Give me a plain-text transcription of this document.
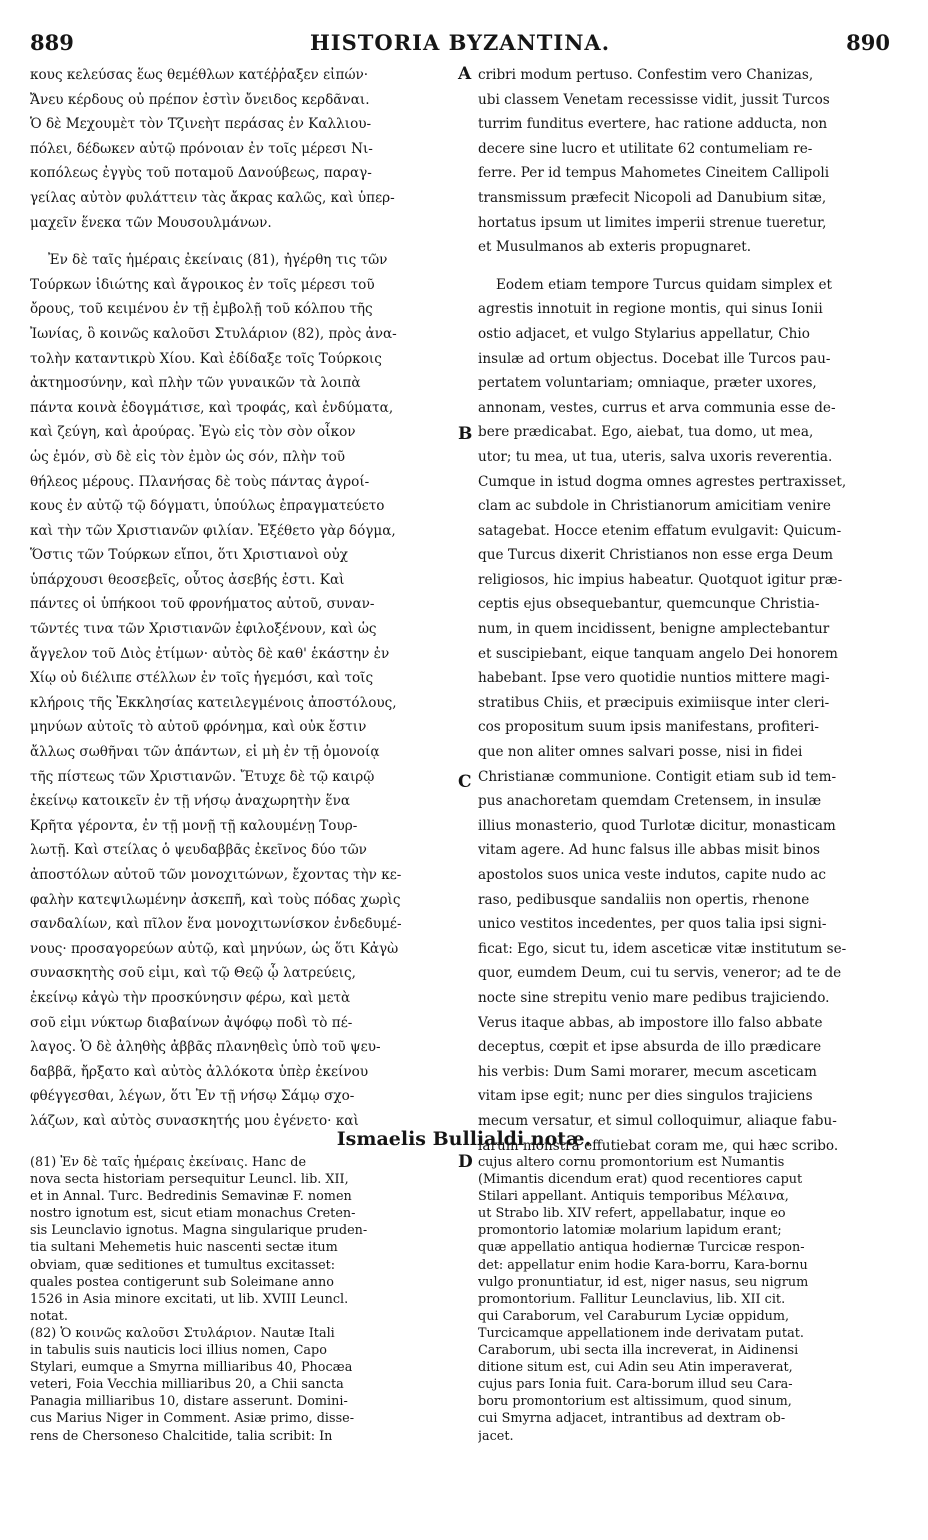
889	HISTORIA BYZANTINA.	890
κους κελεύσας ἕως θεμέθλων κατέῤῥαξεν εἰπών·
Ἄνευ κέρδους οὐ πρέπον ἐστὶν ὄνειδος κερδᾶναι.
Ὁ δὲ Μεχουμὲτ τὸν Τζινεὴτ περάσας ἐν Καλλιου-
πόλει, δέδωκεν αὐτῷ πρόνοιαν ἐν τοῖς μέρεσι Νι-
κοπόλεως ἐγγὺς τοῦ ποταμοῦ Δανούβεως, παραγ-
γείλας αὐτὸν φυλάττειν τὰς ἄκρας καλῶς, καὶ ὑπερ-
μαχεῖν ἕνεκα τῶν Μουσουλμάνων.
Ἐν δὲ ταῖς ἡμέραις ἐκείναις (81), ἠγέρθη τις τῶν
Τούρκων ἰδιώτης καὶ ἄγροικος ἐν τοῖς μέρεσι τοῦ
ὄρους, τοῦ κειμένου ἐν τῇ ἐμβολῇ τοῦ κόλπου τῆς
Ἰωνίας, ὃ κοινῶς καλοῦσι Στυλάριον (82), πρὸς ἀνα-
τολὴν καταντικρὺ Χίου. Καὶ ἐδίδαξε τοῖς Τούρκοις
ἀκτημοσύνην, καὶ πλὴν τῶν γυναικῶν τὰ λοιπὰ
πάντα κοινὰ ἐδογμάτισε, καὶ τροφάς, καὶ ἐνδύματα,
καὶ ζεύγη, καὶ ἀρούρας. Ἐγὼ εἰς τὸν σὸν οἶκον
ὡς ἐμόν, σὺ δὲ εἰς τὸν ἐμὸν ὡς σόν, πλὴν τοῦ
θήλεος μέρους. Πλανήσας δὲ τοὺς πάντας ἀγροί-
κους ἐν αὐτῷ τῷ δόγματι, ὑπούλως ἐπραγματεύετο
καὶ τὴν τῶν Χριστιανῶν φιλίαν. Ἐξέθετο γὰρ δόγμα,
Ὅστις τῶν Τούρκων εἴποι, ὅτι Χριστιανοὶ οὐχ
ὑπάρχουσι θεοσεβεῖς, οὗτος ἀσεβής ἐστι. Καὶ
πάντες οἱ ὑπήκοοι τοῦ φρονήματος αὐτοῦ, συναν-
τῶντές τινα τῶν Χριστιανῶν ἐφιλοξένουν, καὶ ὡς
ἄγγελον τοῦ Διὸς ἐτίμων· αὐτὸς δὲ καθ' ἑκάστην ἐν
Χίῳ οὐ διέλιπε στέλλων ἐν τοῖς ἡγεμόσι, καὶ τοῖς
κλήροις τῆς Ἐκκλησίας κατειλεγμένοις ἀποστόλους,
μηνύων αὐτοῖς τὸ αὐτοῦ φρόνημα, καὶ οὐκ ἔστιν
ἄλλως σωθῆναι τῶν ἁπάντων, εἰ μὴ ἐν τῇ ὁμονοίᾳ
τῆς πίστεως τῶν Χριστιανῶν. Ἔτυχε δὲ τῷ καιρῷ
ἐκείνῳ κατοικεῖν ἐν τῇ νήσῳ ἀναχωρητὴν ἕνα
Κρῆτα γέροντα, ἐν τῇ μονῇ τῇ καλουμένῃ Τουρ-
λωτῇ. Καὶ στείλας ὁ ψευδαββᾶς ἐκεῖνος δύο τῶν
ἀποστόλων αὐτοῦ τῶν μονοχιτώνων, ἔχοντας τὴν κε-
φαλὴν κατεψιλωμένην ἀσκεπῆ, καὶ τοὺς πόδας χωρὶς
σανδαλίων, καὶ πῖλον ἕνα μονοχιτωνίσκον ἐνδεδυμέ-
νους· προσαγορεύων αὐτῷ, καὶ μηνύων, ὡς ὅτι Κἀγὼ
συνασκητὴς σοῦ εἰμι, καὶ τῷ Θεῷ ᾧ λατρεύεις,
ἐκείνῳ κἀγὼ τὴν προσκύνησιν φέρω, καὶ μετὰ
σοῦ εἰμι νύκτωρ διαβαίνων ἀψόφῳ ποδὶ τὸ πέ-
λαγος. Ὁ δὲ ἀληθὴς ἀββᾶς πλανηθεὶς ὑπὸ τοῦ ψευ-
δαββᾶ, ἤρξατο καὶ αὐτὸς ἀλλόκοτα ὑπὲρ ἐκείνου
φθέγγεσθαι, λέγων, ὅτι Ἐν τῇ νήσῳ Σάμῳ σχο-
λάζων, καὶ αὐτὸς συνασκητής μου ἐγένετο· καὶ
cribri modum pertuso. Confestim vero Chanizas,
ubi classem Venetam recessisse vidit, jussit Turcos
turrim funditus evertere, hac ratione adducta, non
decere sine lucro et utilitate 62 contumeliam re-
ferre. Per id tempus Mahometes Cineitem Callipoli
transmissum præfecit Nicopoli ad Danubium sitæ,
hortatus ipsum ut limites imperii strenue tueretur,
et Musulmanos ab exteris propugnaret.
Eodem etiam tempore Turcus quidam simplex et
agrestis innotuit in regione montis, qui sinus Ionii
ostio adjacet, et vulgo Stylarius appellatur, Chio
insulæ ad ortum objectus. Docebat ille Turcos pau-
pertatem voluntariam; omniaque, præter uxores,
annonam, vestes, currus et arva communia esse de-
bere prædicabat. Ego, aiebat, tua domo, ut mea,
utor; tu mea, ut tua, uteris, salva uxoris reverentia.
Cumque in istud dogma omnes agrestes pertraxisset,
clam ac subdole in Christianorum amicitiam venire
satagebat. Hocce etenim effatum evulgavit: Quicum-
que Turcus dixerit Christianos non esse erga Deum
religiosos, hic impius habeatur. Quotquot igitur præ-
ceptis ejus obsequebantur, quemcunque Christia-
num, in quem incidissent, benigne amplectebantur
et suscipiebant, eique tanquam angelo Dei honorem
habebant. Ipse vero quotidie nuntios mittere magi-
stratibus Chiis, et præcipuis eximiisque inter cleri-
cos propositum suum ipsis manifestans, profiteri-
que non aliter omnes salvari posse, nisi in fidei
Christianæ communione. Contigit etiam sub id tem-
pus anachoretam quemdam Cretensem, in insulæ
illius monasterio, quod Turlotæ dicitur, monasticam
vitam agere. Ad hunc falsus ille abbas misit binos
apostolos suos unica veste indutos, capite nudo ac
raso, pedibusque sandaliis non opertis, rhenone
unico vestitos incedentes, per quos talia ipsi signi-
ficat: Ego, sicut tu, idem asceticæ vitæ institutum se-
quor, eumdem Deum, cui tu servis, veneror; ad te de
nocte sine strepitu venio mare pedibus trajiciendo.
Verus itaque abbas, ab impostore illo falso abbate
deceptus, cœpit et ipse absurda de illo prædicare
his verbis: Dum Sami morarer, mecum asceticam
vitam ipse egit; nunc per dies singulos trajiciens
mecum versatur, et simul colloquimur, aliaque fabu-
larum monstra effutiebat coram me, qui hæc scribo.
A
B
C
D
Ismaelis Bullialdi notæ.
(81) Ἐν δὲ ταῖς ἡμέραις ἐκείναις. Hanc de
nova secta historiam persequitur Leuncl. lib. XII,
et in Annal. Turc. Bedredinis Semavinæ F. nomen
nostro ignotum est, sicut etiam monachus Creten-
sis Leunclavio ignotus. Magna singularique pruden-
tia sultani Mehemetis huic nascenti sectæ itum
obviam, quæ seditiones et tumultus excitasset:
quales postea contigerunt sub Soleimane anno
1526 in Asia minore excitati, ut lib. XVIII Leuncl.
notat.
(82) Ὁ κοινῶς καλοῦσι Στυλάριον. Nautæ Itali
in tabulis suis nauticis loci illius nomen, Capo
Stylari, eumque a Smyrna milliaribus 40, Phocæa
veteri, Foia Vecchia milliaribus 20, a Chii sancta
Panagia milliaribus 10, distare asserunt. Domini-
cus Marius Niger in Comment. Asiæ primo, disse-
rens de Chersoneso Chalcitide, talia scribit: In
cujus altero cornu promontorium est Numantis
(Mimantis dicendum erat) quod recentiores caput
Stilari appellant. Antiquis temporibus Μέλαινα,
ut Strabo lib. XIV refert, appellabatur, inque eo
promontorio latomiæ molarium lapidum erant;
quæ appellatio antiqua hodiernæ Turcicæ respon-
det: appellatur enim hodie Kara-borru, Kara-bornu
vulgo pronuntiatur, id est, niger nasus, seu nigrum
promontorium. Fallitur Leunclavius, lib. XII cit.
qui Caraborum, vel Caraburum Lyciæ oppidum,
Turcicamque appellationem inde derivatam putat.
Caraborum, ubi secta illa increverat, in Aidinensi
ditione situm est, cui Adin seu Atin imperaverat,
cujus pars Ionia fuit. Cara-borum illud seu Cara-
boru promontorium est altissimum, quod sinum,
cui Smyrna adjacet, intrantibus ad dextram ob-
jacet.
